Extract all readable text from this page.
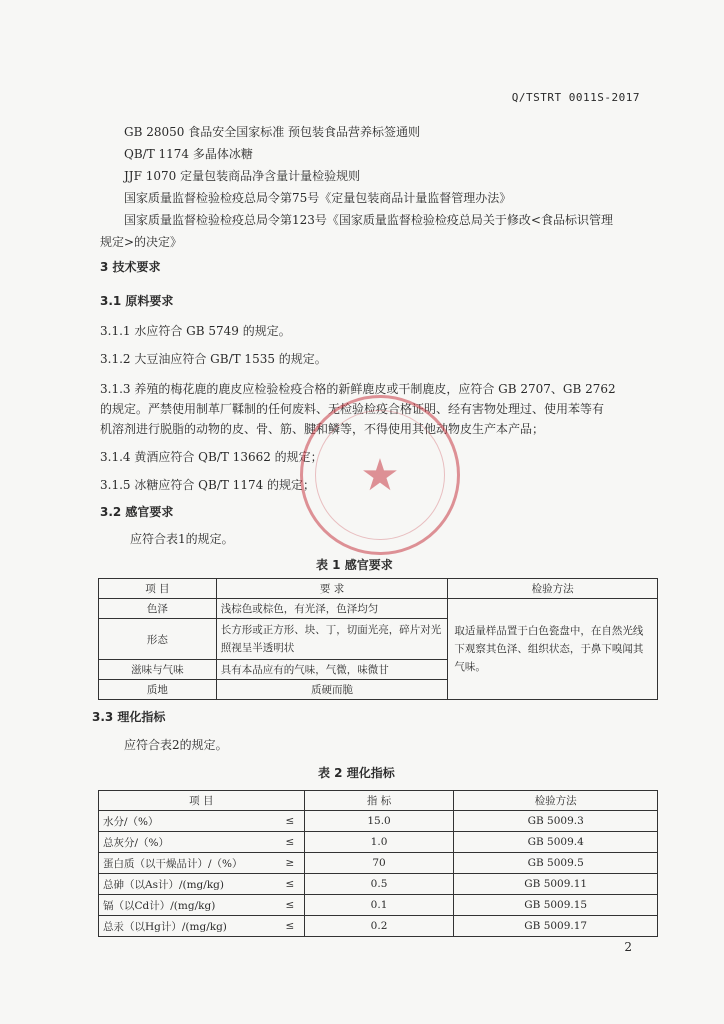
Q/TSTRT 0011S-2017
GB 28050 食品安全国家标准 预包装食品营养标签通则
QB/T 1174 多晶体冰糖
JJF 1070 定量包装商品净含量计量检验规则
国家质量监督检验检疫总局令第75号《定量包装商品计量监督管理办法》
国家质量监督检验检疫总局令第123号《国家质量监督检验检疫总局关于修改<食品标识管理
规定>的决定》
3 技术要求
3.1 原料要求
3.1.1 水应符合 GB 5749 的规定。
3.1.2 大豆油应符合 GB/T 1535 的规定。
3.1.3 养殖的梅花鹿的鹿皮应检验检疫合格的新鲜鹿皮或干制鹿皮，应符合 GB 2707、GB 2762
的规定。严禁使用制革厂鞣制的任何废料、无检验检疫合格证明、经有害物处理过、使用苯等有
机溶剂进行脱脂的动物的皮、骨、筋、腱和鳞等，不得使用其他动物皮生产本产品；
3.1.4 黄酒应符合 QB/T 13662 的规定；
3.1.5 冰糖应符合 QB/T 1174 的规定；	★
3.2 感官要求
应符合表1的规定。
表 1 感官要求
项 目	要 求	检验方法
色泽	浅棕色或棕色，有光泽，色泽均匀	取适量样品置于白色瓷盘中，在自然光线下观察其色泽、组织状态，于鼻下嗅闻其气味。
形态	长方形或正方形、块、丁，切面光亮，碎片对光照视呈半透明状	
滋味与气味	具有本品应有的气味，气微，味微甘	
质地	质硬而脆	
3.3 理化指标
应符合表2的规定。
表 2 理化指标
项 目		指 标	检验方法
水分/（%）	≤	15.0	GB 5009.3
总灰分/（%）	≤	1.0	GB 5009.4
蛋白质（以干燥品计）/（%）	≥	70	GB 5009.5
总砷（以As计）/(mg/kg)	≤	0.5	GB 5009.11
镉（以Cd计）/(mg/kg)	≤	0.1	GB 5009.15
总汞（以Hg计）/(mg/kg)	≤	0.2	GB 5009.17
2
